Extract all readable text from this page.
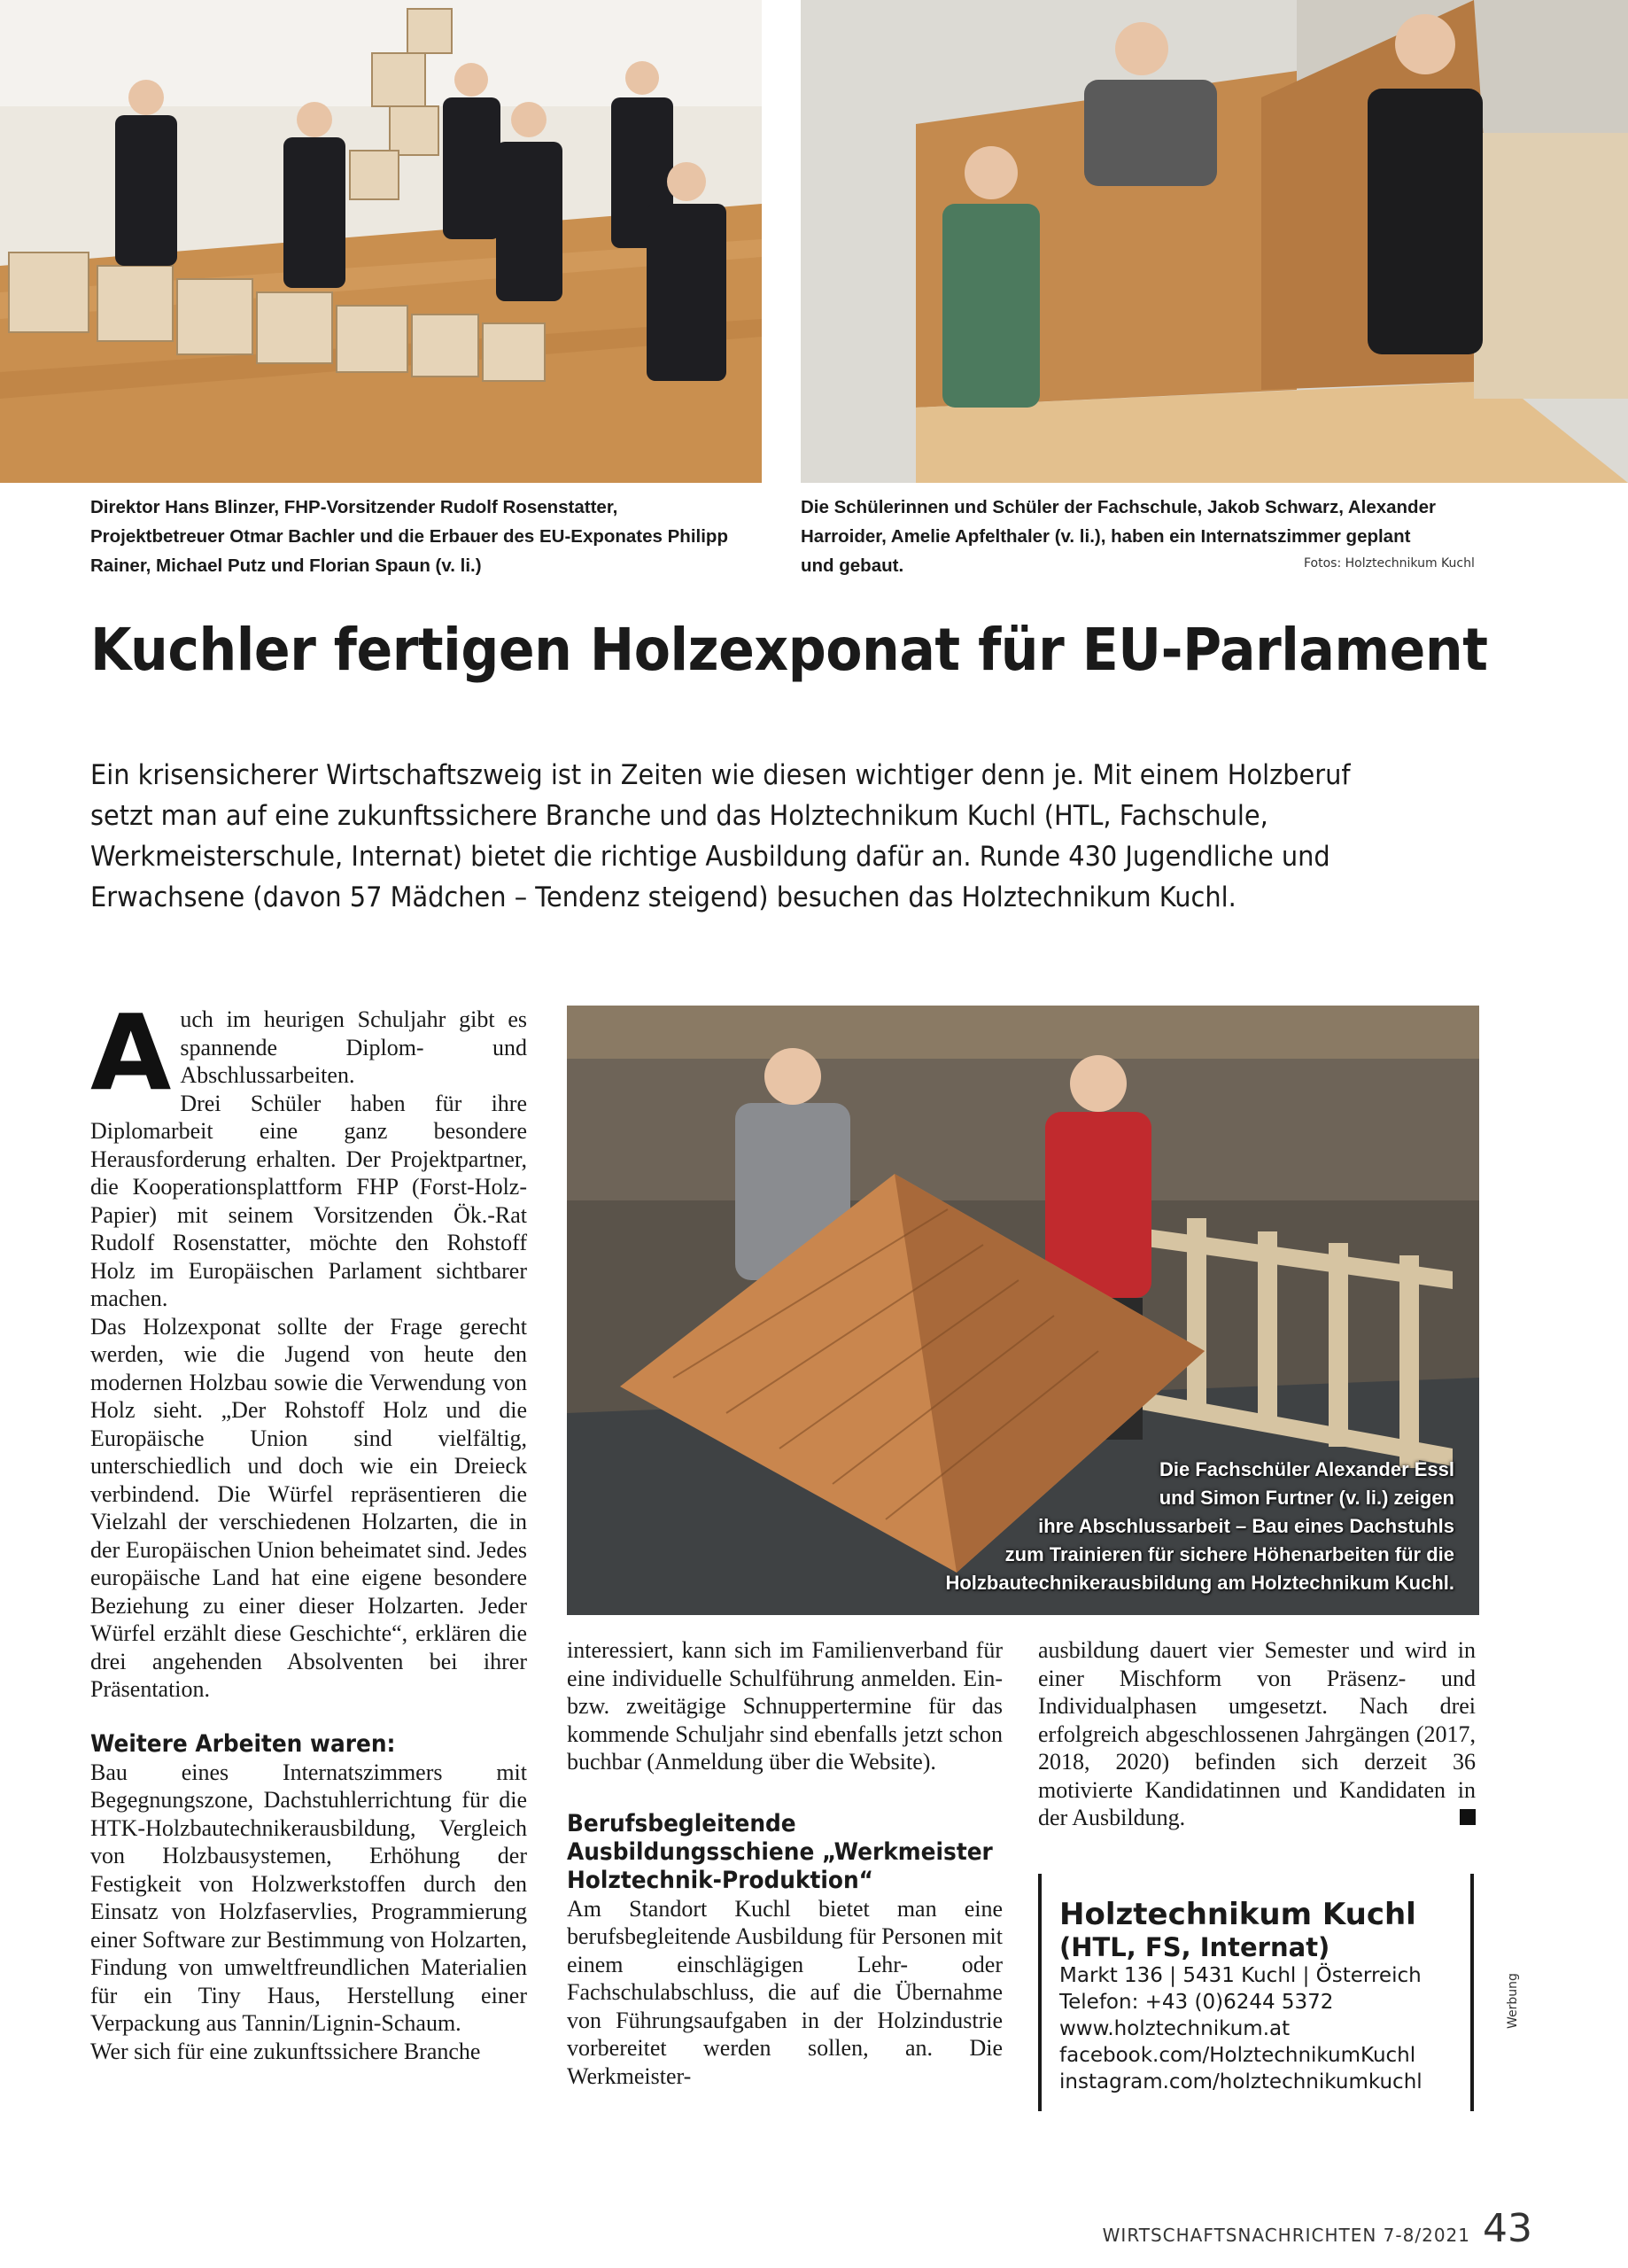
Direktor Hans Blinzer, FHP-Vorsitzender Rudolf Rosenstatter, Projektbetreuer Otmar Bachler und die Erbauer des EU-Exponates Philipp Rainer, Michael Putz und Florian Spaun (v. li.)
Die Schülerinnen und Schüler der Fachschule, Jakob Schwarz, Alexander Harroider, Amelie Apfelthaler (v. li.), haben ein Internatszimmer geplant und gebaut.	Fotos: Holztechnikum Kuchl
Kuchler fertigen Holzexponat für EU-Parlament
Ein krisensicherer Wirtschaftszweig ist in Zeiten wie diesen wichtiger denn je. Mit einem Holzberuf setzt man auf eine zukunftssichere Branche und das Holztechnikum Kuchl (HTL, Fachschule, Werkmeisterschule, Internat) bietet die richtige Ausbildung dafür an. Runde 430 Jugendliche und Erwachsene (davon 57 Mädchen – Tendenz steigend) besuchen das Holztechnikum Kuchl.
Die Fachschüler Alexander Essl
und Simon Furtner (v. li.) zeigen
ihre Abschlussarbeit – Bau eines Dachstuhls
zum Trainieren für sichere Höhenarbeiten für die
Holzbautechnikerausbildung am Holztechnikum Kuchl.

Auch im heurigen Schuljahr gibt es spannende Diplom- und Abschlussarbeiten.

Drei Schüler haben für ihre Diplomarbeit eine ganz besondere Herausforderung erhalten. Der Projektpartner, die Kooperationsplattform FHP (Forst-Holz-Papier) mit seinem Vorsitzenden Ök.-Rat Rudolf Rosenstatter, möchte den Rohstoff Holz im Europäischen Parlament sichtbarer machen.

Das Holzexponat sollte der Frage gerecht werden, wie die Jugend von heute den modernen Holzbau sowie die Verwendung von Holz sieht. „Der Rohstoff Holz und die Europäische Union sind vielfältig, unterschiedlich und doch wie ein Dreieck verbindend. Die Würfel repräsentieren die Vielzahl der verschiedenen Holzarten, die in der Europäischen Union beheimatet sind. Jedes europäische Land hat eine eigene besondere Beziehung zu einer dieser Holzarten. Jeder Würfel erzählt diese Geschichte“, erklären die drei angehenden Absolventen bei ihrer Präsentation.

Weitere Arbeiten waren:

Bau eines Internatszimmers mit Begegnungszone, Dachstuhlerrichtung für die HTK-Holzbautechnikerausbildung, Vergleich von Holzbausystemen, Erhöhung der Festigkeit von Holzwerkstoffen durch den Einsatz von Holzfaservlies, Programmierung einer Software zur Bestimmung von Holzarten, Findung von umweltfreundlichen Materialien für ein Tiny Haus, Herstellung einer Verpackung aus Tannin/Lignin-Schaum.

Wer sich für eine zukunftssichere Branche

interessiert, kann sich im Familienverband für eine individuelle Schulführung anmelden. Ein- bzw. zweitägige Schnuppertermine für das kommende Schuljahr sind ebenfalls jetzt schon buchbar (Anmeldung über die Website).

Berufsbegleitende Ausbildungsschiene „Werkmeister Holztechnik-Produktion“

Am Standort Kuchl bietet man eine berufsbegleitende Ausbildung für Personen mit einem einschlägigen Lehr- oder Fachschulabschluss, die auf die Übernahme von Führungsaufgaben in der Holzindustrie vorbereitet werden sollen, an. Die Werkmeister-

ausbildung dauert vier Semester und wird in einer Mischform von Präsenz- und Individualphasen umgesetzt. Nach drei erfolgreich abgeschlossenen Jahrgängen (2017, 2018, 2020) befinden sich derzeit 36 motivierte Kandidatinnen und Kandidaten in der Ausbildung.

Holztechnikum Kuchl
(HTL, FS, Internat)
Markt 136 | 5431 Kuchl | Österreich
Telefon: +43 (0)6244 5372
www.holztechnikum.at
facebook.com/HolztechnikumKuchl
instagram.com/holztechnikumkuchl
Werbung
WIRTSCHAFTSNACHRICHTEN 7-8/2021 43
